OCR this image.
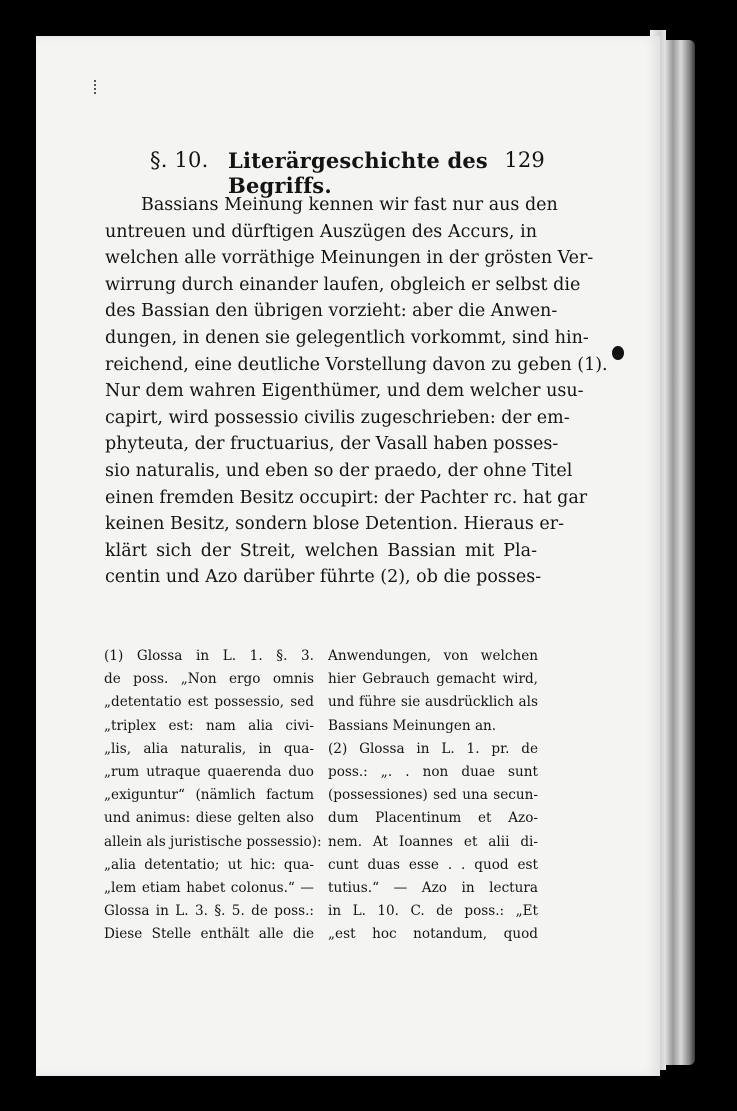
§. 10. Literärgeschichte des Begriffs.
129
Bassians Meinung kennen wir fast nur aus den
untreuen und dürftigen Auszügen des Accurs, in
welchen alle vorräthige Meinungen in der grösten Ver-
wirrung durch einander laufen, obgleich er selbst die
des Bassian den übrigen vorzieht: aber die Anwen-
dungen, in denen sie gelegentlich vorkommt, sind hin-
reichend, eine deutliche Vorstellung davon zu geben (1).
Nur dem wahren Eigenthümer, und dem welcher usu-
capirt, wird possessio civilis zugeschrieben: der em-
phyteuta, der fructuarius, der Vasall haben posses-
sio naturalis, und eben so der praedo, der ohne Titel
einen fremden Besitz occupirt: der Pachter rc. hat gar
keinen Besitz, sondern blose Detention. Hieraus er-
klärt sich der Streit, welchen Bassian mit Pla-
centin und Azo darüber führte (2), ob die posses-
(1) Glossa in L. 1. §. 3.
de poss. „Non ergo omnis
„detentatio est possessio, sed
„triplex est: nam alia civi-
„lis, alia naturalis, in qua-
„rum utraque quaerenda duo
„exiguntur“ (nämlich factum
und animus: diese gelten also
allein als juristische possessio):
„alia detentatio; ut hic: qua-
„lem etiam habet colonus.“ —
Glossa in L. 3. §. 5. de poss.:
Diese Stelle enthält alle die
Anwendungen, von welchen
hier Gebrauch gemacht wird,
und führe sie ausdrücklich als
Bassians Meinungen an.
(2) Glossa in L. 1. pr. de
poss.: „. . non duae sunt
(possessiones) sed una secun-
dum Placentinum et Azo-
nem. At Ioannes et alii di-
cunt duas esse . . quod est
tutius.“ — Azo in lectura
in L. 10. C. de poss.: „Et
„est hoc notandum, quod
